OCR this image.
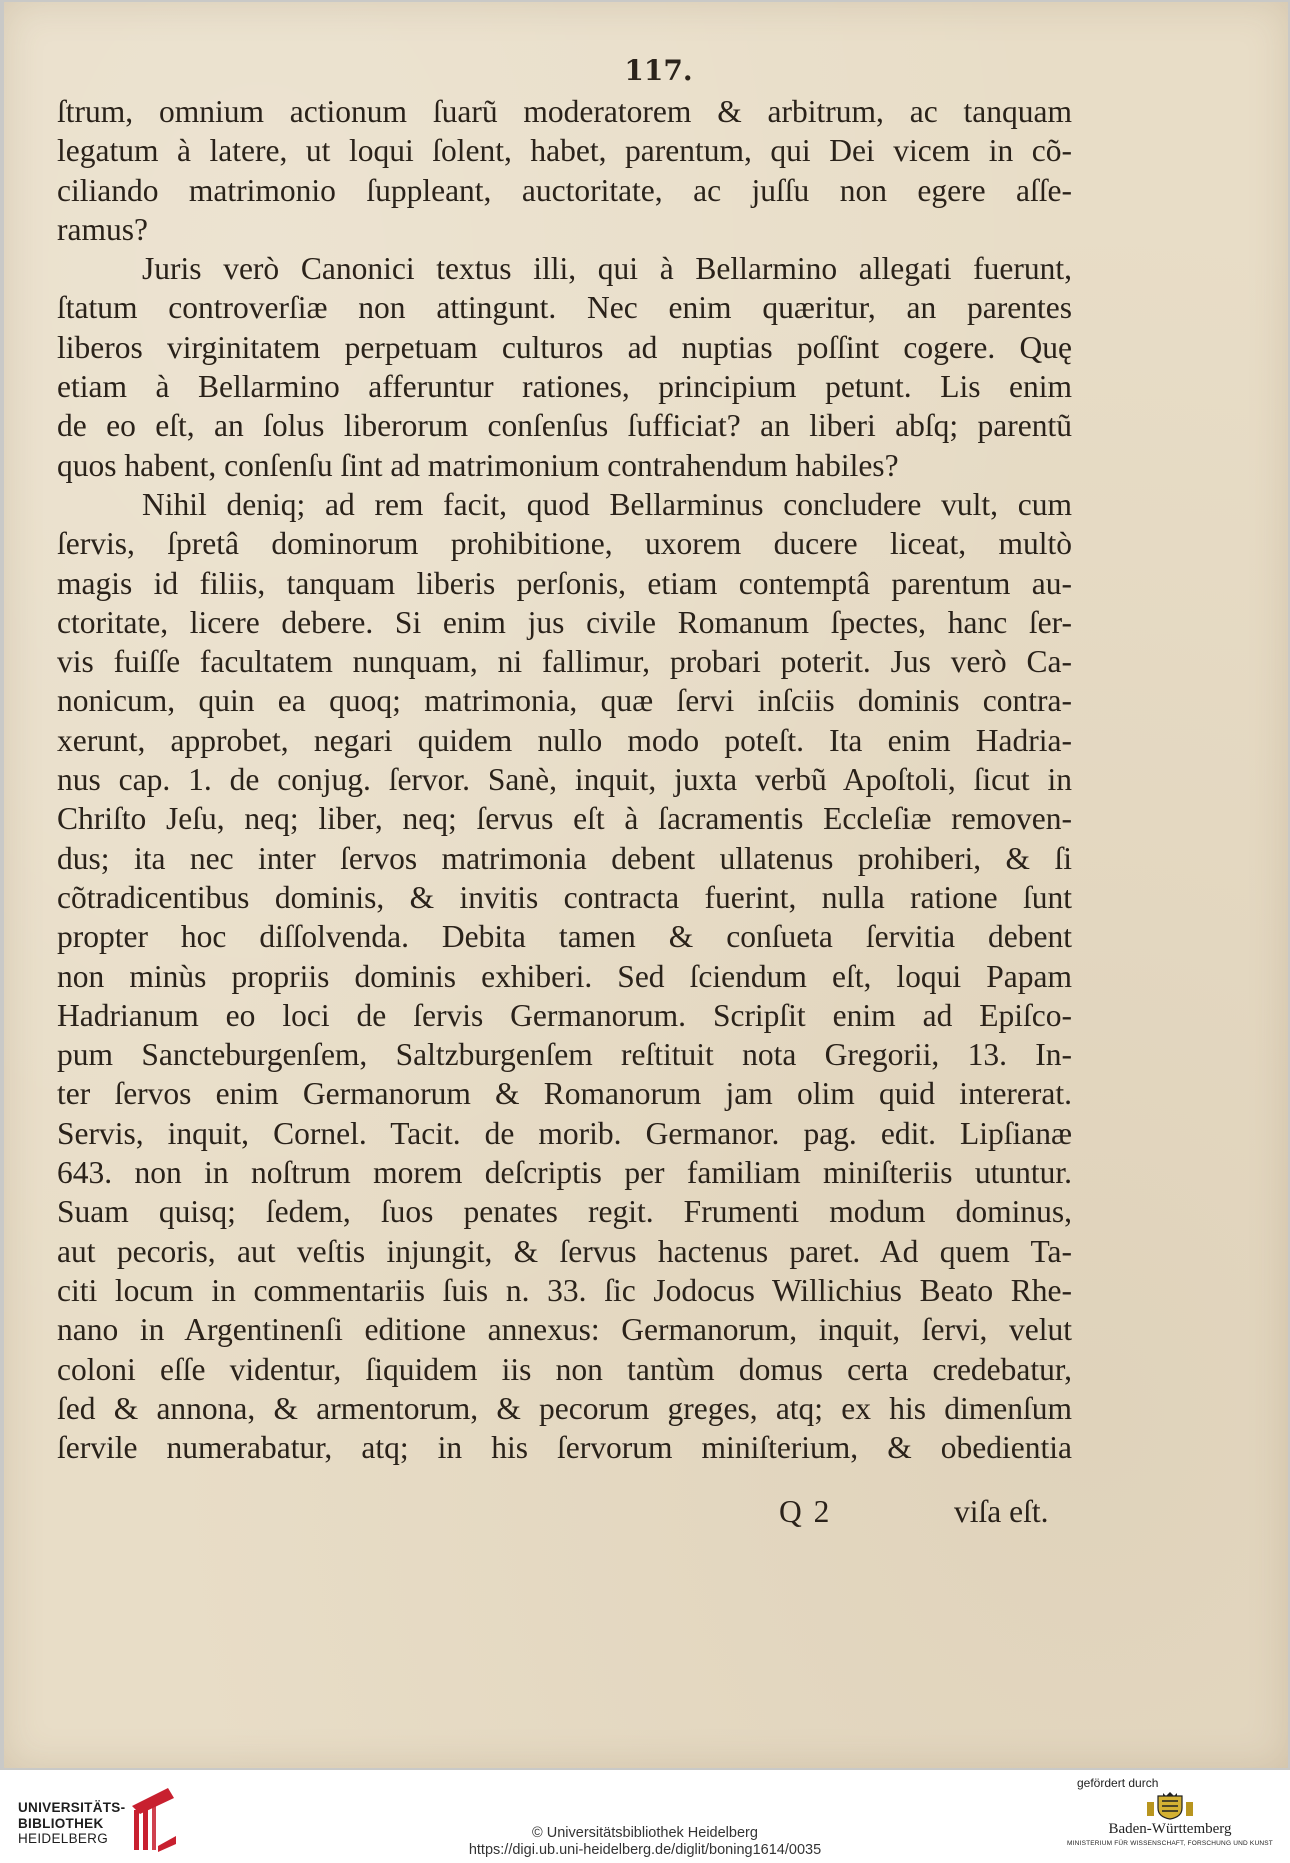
117.
ſtrum, omnium actionum ſuarũ moderatorem & arbitrum, ac tanquam
legatum à latere, ut loqui ſolent, habet, parentum, qui Dei vicem in cõ-
ciliando matrimonio ſuppleant, auctoritate, ac juſſu non egere aſſe-
ramus?
Juris verò Canonici textus illi, qui à Bellarmino allegati fuerunt,
ſtatum controverſiæ non attingunt. Nec enim quæritur, an parentes
liberos virginitatem perpetuam culturos ad nuptias poſſint cogere. Quę
etiam à Bellarmino afferuntur rationes, principium petunt. Lis enim
de eo eſt, an ſolus liberorum conſenſus ſufficiat? an liberi abſq; parentũ
quos habent, conſenſu ſint ad matrimonium contrahendum habiles?
Nihil deniq; ad rem facit, quod Bellarminus concludere vult, cum
ſervis, ſpretâ dominorum prohibitione, uxorem ducere liceat, multò
magis id filiis, tanquam liberis perſonis, etiam contemptâ parentum au-
ctoritate, licere debere. Si enim jus civile Romanum ſpectes, hanc ſer-
vis fuiſſe facultatem nunquam, ni fallimur, probari poterit. Jus verò Ca-
nonicum, quin ea quoq; matrimonia, quæ ſervi inſciis dominis contra-
xerunt, approbet, negari quidem nullo modo poteſt. Ita enim Hadria-
nus cap. 1. de conjug. ſervor. Sanè, inquit, juxta verbũ Apoſtoli, ſicut in
Chriſto Jeſu, neq; liber, neq; ſervus eſt à ſacramentis Eccleſiæ removen-
dus; ita nec inter ſervos matrimonia debent ullatenus prohiberi, & ſi
cõtradicentibus dominis, & invitis contracta fuerint, nulla ratione ſunt
propter hoc diſſolvenda. Debita tamen & conſueta ſervitia debent
non minùs propriis dominis exhiberi. Sed ſciendum eſt, loqui Papam
Hadrianum eo loci de ſervis Germanorum. Scripſit enim ad Epiſco-
pum Sancteburgenſem, Saltzburgenſem reſtituit nota Gregorii, 13. In-
ter ſervos enim Germanorum & Romanorum jam olim quid intererat.
Servis, inquit, Cornel. Tacit. de morib. Germanor. pag. edit. Lipſianæ
643. non in noſtrum morem deſcriptis per familiam miniſteriis utuntur.
Suam quisq; ſedem, ſuos penates regit. Frumenti modum dominus,
aut pecoris, aut veſtis injungit, & ſervus hactenus paret. Ad quem Ta-
citi locum in commentariis ſuis n. 33. ſic Jodocus Willichius Beato Rhe-
nano in Argentinenſi editione annexus: Germanorum, inquit, ſervi, velut
coloni eſſe videntur, ſiquidem iis non tantùm domus certa credebatur,
ſed & annona, & armentorum, & pecorum greges, atq; ex his dimenſum
ſervile numerabatur, atq; in his ſervorum miniſterium, & obedientia
Q 2	viſa eſt.
UNIVERSITÄTS-
BIBLIOTHEK
HEIDELBERG	© Universitätsbibliothek Heidelberg
https://digi.ub.uni-heidelberg.de/diglit/boning1614/0035
gefördert durch
Baden-Württemberg
MINISTERIUM FÜR WISSENSCHAFT, FORSCHUNG UND KUNST
